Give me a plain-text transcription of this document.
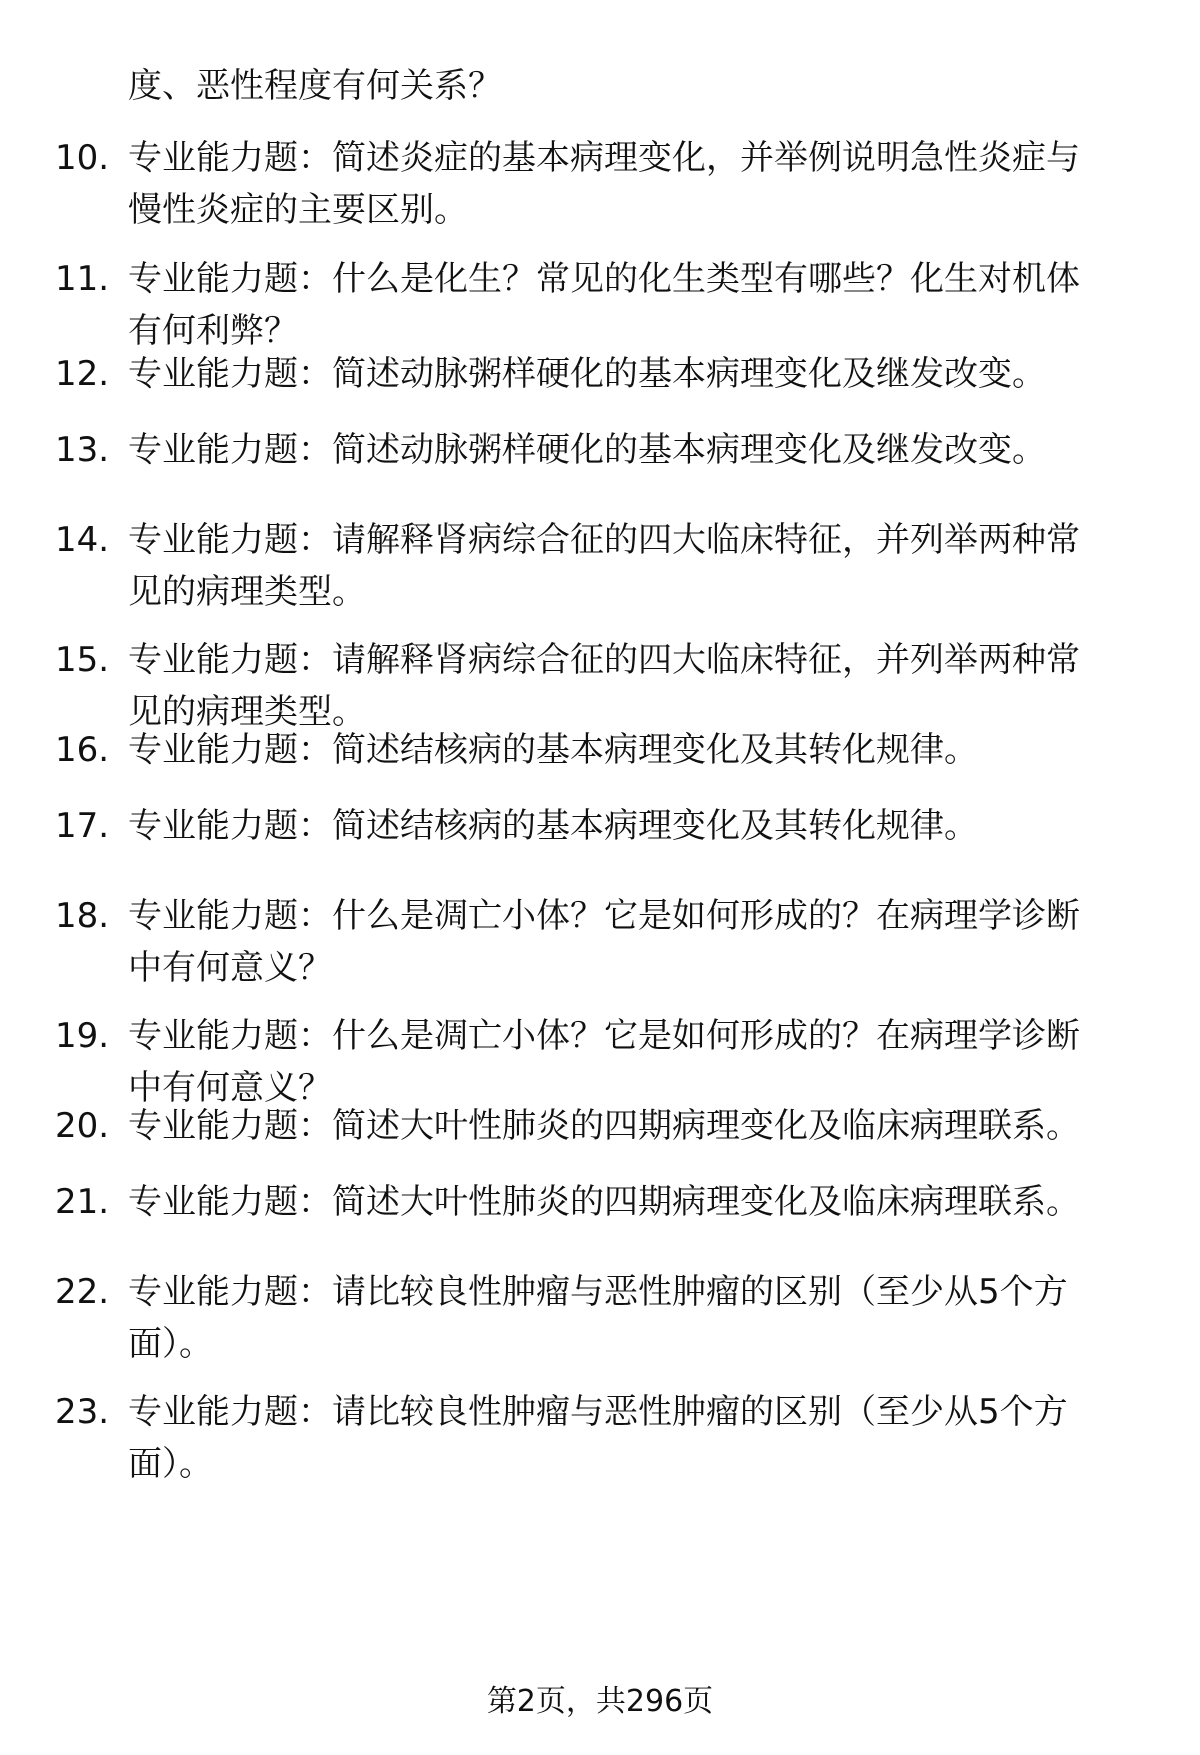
度、恶性程度有何关系？
10. 专业能力题：简述炎症的基本病理变化，并举例说明急性炎症与
慢性炎症的主要区别。
11. 专业能力题：什么是化生？常见的化生类型有哪些？化生对机体
有何利弊？
12. 专业能力题：简述动脉粥样硬化的基本病理变化及继发改变。
13. 专业能力题：简述动脉粥样硬化的基本病理变化及继发改变。
14. 专业能力题：请解释肾病综合征的四大临床特征，并列举两种常
见的病理类型。
15. 专业能力题：请解释肾病综合征的四大临床特征，并列举两种常
见的病理类型。
16. 专业能力题：简述结核病的基本病理变化及其转化规律。
17. 专业能力题：简述结核病的基本病理变化及其转化规律。
18. 专业能力题：什么是凋亡小体？它是如何形成的？在病理学诊断
中有何意义？
19. 专业能力题：什么是凋亡小体？它是如何形成的？在病理学诊断
中有何意义？
20. 专业能力题：简述大叶性肺炎的四期病理变化及临床病理联系。
21. 专业能力题：简述大叶性肺炎的四期病理变化及临床病理联系。
22. 专业能力题：请比较良性肿瘤与恶性肿瘤的区别（至少从5个方
面）。
23. 专业能力题：请比较良性肿瘤与恶性肿瘤的区别（至少从5个方
面）。
第2页，共296页
